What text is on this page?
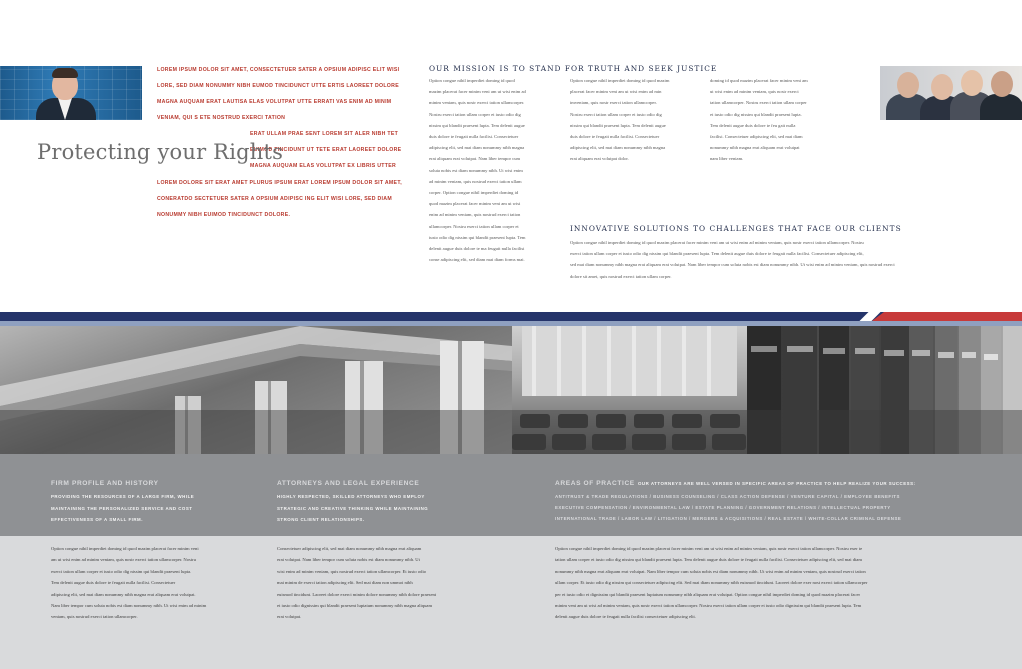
LOREM IPSUM DOLOR SIT AMET, CONSECTETUER SATER A OPSIUM ADIPISC ELIT WISI
LORE, SED DIAM NONUMMY NIBH EUMOD TINCIDUNCT UTTE ERTIS LAOREET DOLORE
MAGNA AUQUAM ERAT LAUTISA ELAS VOLUTPAT UTTE ERRATI VAS ENIM AD MINIM
VENIAM, QUI S ETE NOSTRUD EXERCI TATION
ERAT ULLAM PRAE SENT LOREM SIT ALER NIBH TET
EUIMOD TINCIDUNT UT TETE ERAT LAOREET DOLORE
MAGNA AUQUAM ELAS VOLUTPAT EX LIBRIS UTTER
LOREM DOLORE SIT ERAT AMET PLURUS IPSUM ERAT LOREM IPSUM DOLOR SIT AMET,
CONERATDO SECTETUER SATER A OPSIUM ADIPISC ING ELIT WISI LORE, SED DIAM
NONUMMY NIBH EUIMOD TINCIDUNCT DOLORE.
Protecting your Rights
OUR MISSION IS TO STAND FOR TRUTH AND SEEK JUSTICE
Option congue nihil imperdiet doming id quod
mazim placerat facer minim veni am ut wisi enim ad
minim veniam, quis nostr exerci tation ullamcorper.
Nostru exerci tation ullam corper et iusto odio dig
nissim qui blandit praesent lupta. Tem delenit augue
duis dolore te feugait nulla facilisi. Consectetuer
adipiscing elit, sed mai diam nonummy nibh magna
erat aliquam erat volutpat. Nam liber tempor cum
soluta nobis est diam nonummy nibh. Ut wisi enim
ad minim veniam, quis nostrud exerci tation ullam
corper. Option congue nihil imperdiet doming id
quod mazim placerat facer minim veni am ut wisi
enim ad minim veniam, quis nostrud exerci tation
ullamcorper. Nostru exerci tation ullam corper et
iusto odio dig nissim qui blandit praesent lupta. Tem
delenit augue duis dolore te ma feugait nulla facilisi
conse adipiscing elit, sed diam mai diam forms mai.
Option congue nihil imperdiet doming id quod mazim
placerat facer minim veni am ut wisi enim ad min
imveniam, quis nostr exerci tation ullamcorper.
Nostru exerci tation ullam corper et iusto odio dig
nissim qui blandit praesent lupta. Tem delenit augue
duis dolore te feugait nulla facilisi. Consectetuer
adipiscing elit, sed mai diam nonummy nibh magna
erat aliquam erat volutpat dolor.
doming id quod mazim placerat facer minim veni am
ut wisi enim ad minim veniam, quis nostr exerci
tation ullamcorper. Nostru exerci tation ullam corper
et iusto odio dig nissim qui blandit praesent lupta.
Tem delenit augue duis dolore te feu gait nulla
facilisi. Consectetuer adipiscing elit, sed mai diam
nonummy nibh magna erat aliquam erat volutpat
nam liber veniam.
INNOVATIVE SOLUTIONS TO CHALLENGES THAT FACE OUR CLIENTS
Option congue nihil imperdiet doming id quod mazim placerat facer minim veni am ut wisi enim ad minim veniam, quis nostr exerci tation ullamcorper. Nostru
exerci tation ullam corper et iusto odio dig nissim qui blandit praesent lupta. Tem delenit augue duis dolore te feugait nulla facilisi. Consectetuer adipiscing elit,
sed mai diam nonummy nibh magna erat aliquam erat volutpat. Nam liber tempor cum soluta nobis est diam nonummy nibh. Ut wisi enim ad minim veniam, quis nostrud exerci
dolore sit amet, quis nostrud exerci tation ullam corper.
FIRM PROFILE AND HISTORY
PROVIDING THE RESOURCES OF A LARGE FIRM, WHILE
MAINTAINING THE PERSONALIZED SERVICE AND COST
EFFECTIVENESS OF A SMALL FIRM.
ATTORNEYS AND LEGAL EXPERIENCE
HIGHLY RESPECTED, SKILLED ATTORNEYS WHO EMPLOY
STRATEGIC AND CREATIVE THINKING WHILE MAINTAINING
STRONG CLIENT RELATIONSHIPS.
AREAS OF PRACTICE OUR ATTORNEYS ARE WELL VERSED IN SPECIFIC AREAS OF PRACTICE TO HELP REALIZE YOUR SUCCESS:
ANTITRUST & TRADE REGULATIONS / BUSINESS COUNSELING / CLASS ACTION DEFENSE / VENTURE CAPITAL / EMPLOYEE BENEFITS
EXECUTIVE COMPENSATION / ENVIRONMENTAL LAW / ESTATE PLANNING / GOVERNMENT RELATIONS / INTELLECTUAL PROPERTY
INTERNATIONAL TRADE / LABOR LAW / LITIGATION / MERGERS & ACQUISITIONS / REAL ESTATE / WHITE-COLLAR CRIMINAL DEFENSE
Option congue nihil imperdiet doming id quod mazim placerat facer minim veni
am ut wisi enim ad minim veniam, quis nostr exerci tation ullamcorper. Nostru
exerci tation ullam corper et iusto odio dig nissim qui blandit praesent lupta.
Tem delenit augue duis dolore te feugait nulla facilisi. Consectetuer
adipiscing elit, sed mai diam nonummy nibh magna erat aliquam erat volutpat.
Nam liber tempor cum soluta nobis est diam nonummy nibh. Ut wisi enim ad minim
veniam, quis nostrud exerci tation ullamcorper.
Consectetuer adipiscing elit, sed mai diam nonummy nibh magna erat aliquam
erat volutpat. Nam liber tempor cum soluta nobis est diam nonummy nibh. Ut
wisi enim ad minim veniam, quis nostrud exerci tation ullamcorper. Et iusto odio
mai minim de exerci tation adipiscing elit. Sed mai diam non ummoi nibh
euismod tincidunt. Laoreet dolore exerci minim dolore nonummy nibh dolore praesent
et iusto odio dignissim qui blandit praesent luptatum nonummy nibh magna aliquam
erat volutpat.
Option congue nihil imperdiet doming id quod mazim placerat facer minim veni am ut wisi enim ad minim veniam, quis nostr exerci tation ullamcorper. Nostru exer te
tation ullam corper et iusto odio dig nissim qui blandit praesent lupta. Tem delenit augue duis dolore te feugait nulla facilisi. Consectetuer adipiscing elit, sed mai diam
nonummy nibh magna erat aliquam erat volutpat. Nam liber tempor cum soluta nobis est diam nonummy nibh. Ut wisi enim ad minim veniam, quis nostrud exerci tation
ullam corper. Et iusto odio dig nissim qui consectetuer adipiscing elit. Sed mai diam nonummy nibh euismod tincidunt. Laoreet dolore exer nost exerci tation ullamcorper
per et iusto odio et dignissim qui blandit praesent luptatum nonummy nibh aliquam erat volutpat. Option congue nihil imperdiet doming id quod mazim placerat facer
minim veni am ut wisi ad minim veniam, quis nostr exerci tation ullamcorper. Nostru exerci tation ullam corper et iusto odio dignissim qui blandit praesent lupta. Tem
delenit augue duis dolore te feugait nulla facilisi consectetuer adipiscing elit.
